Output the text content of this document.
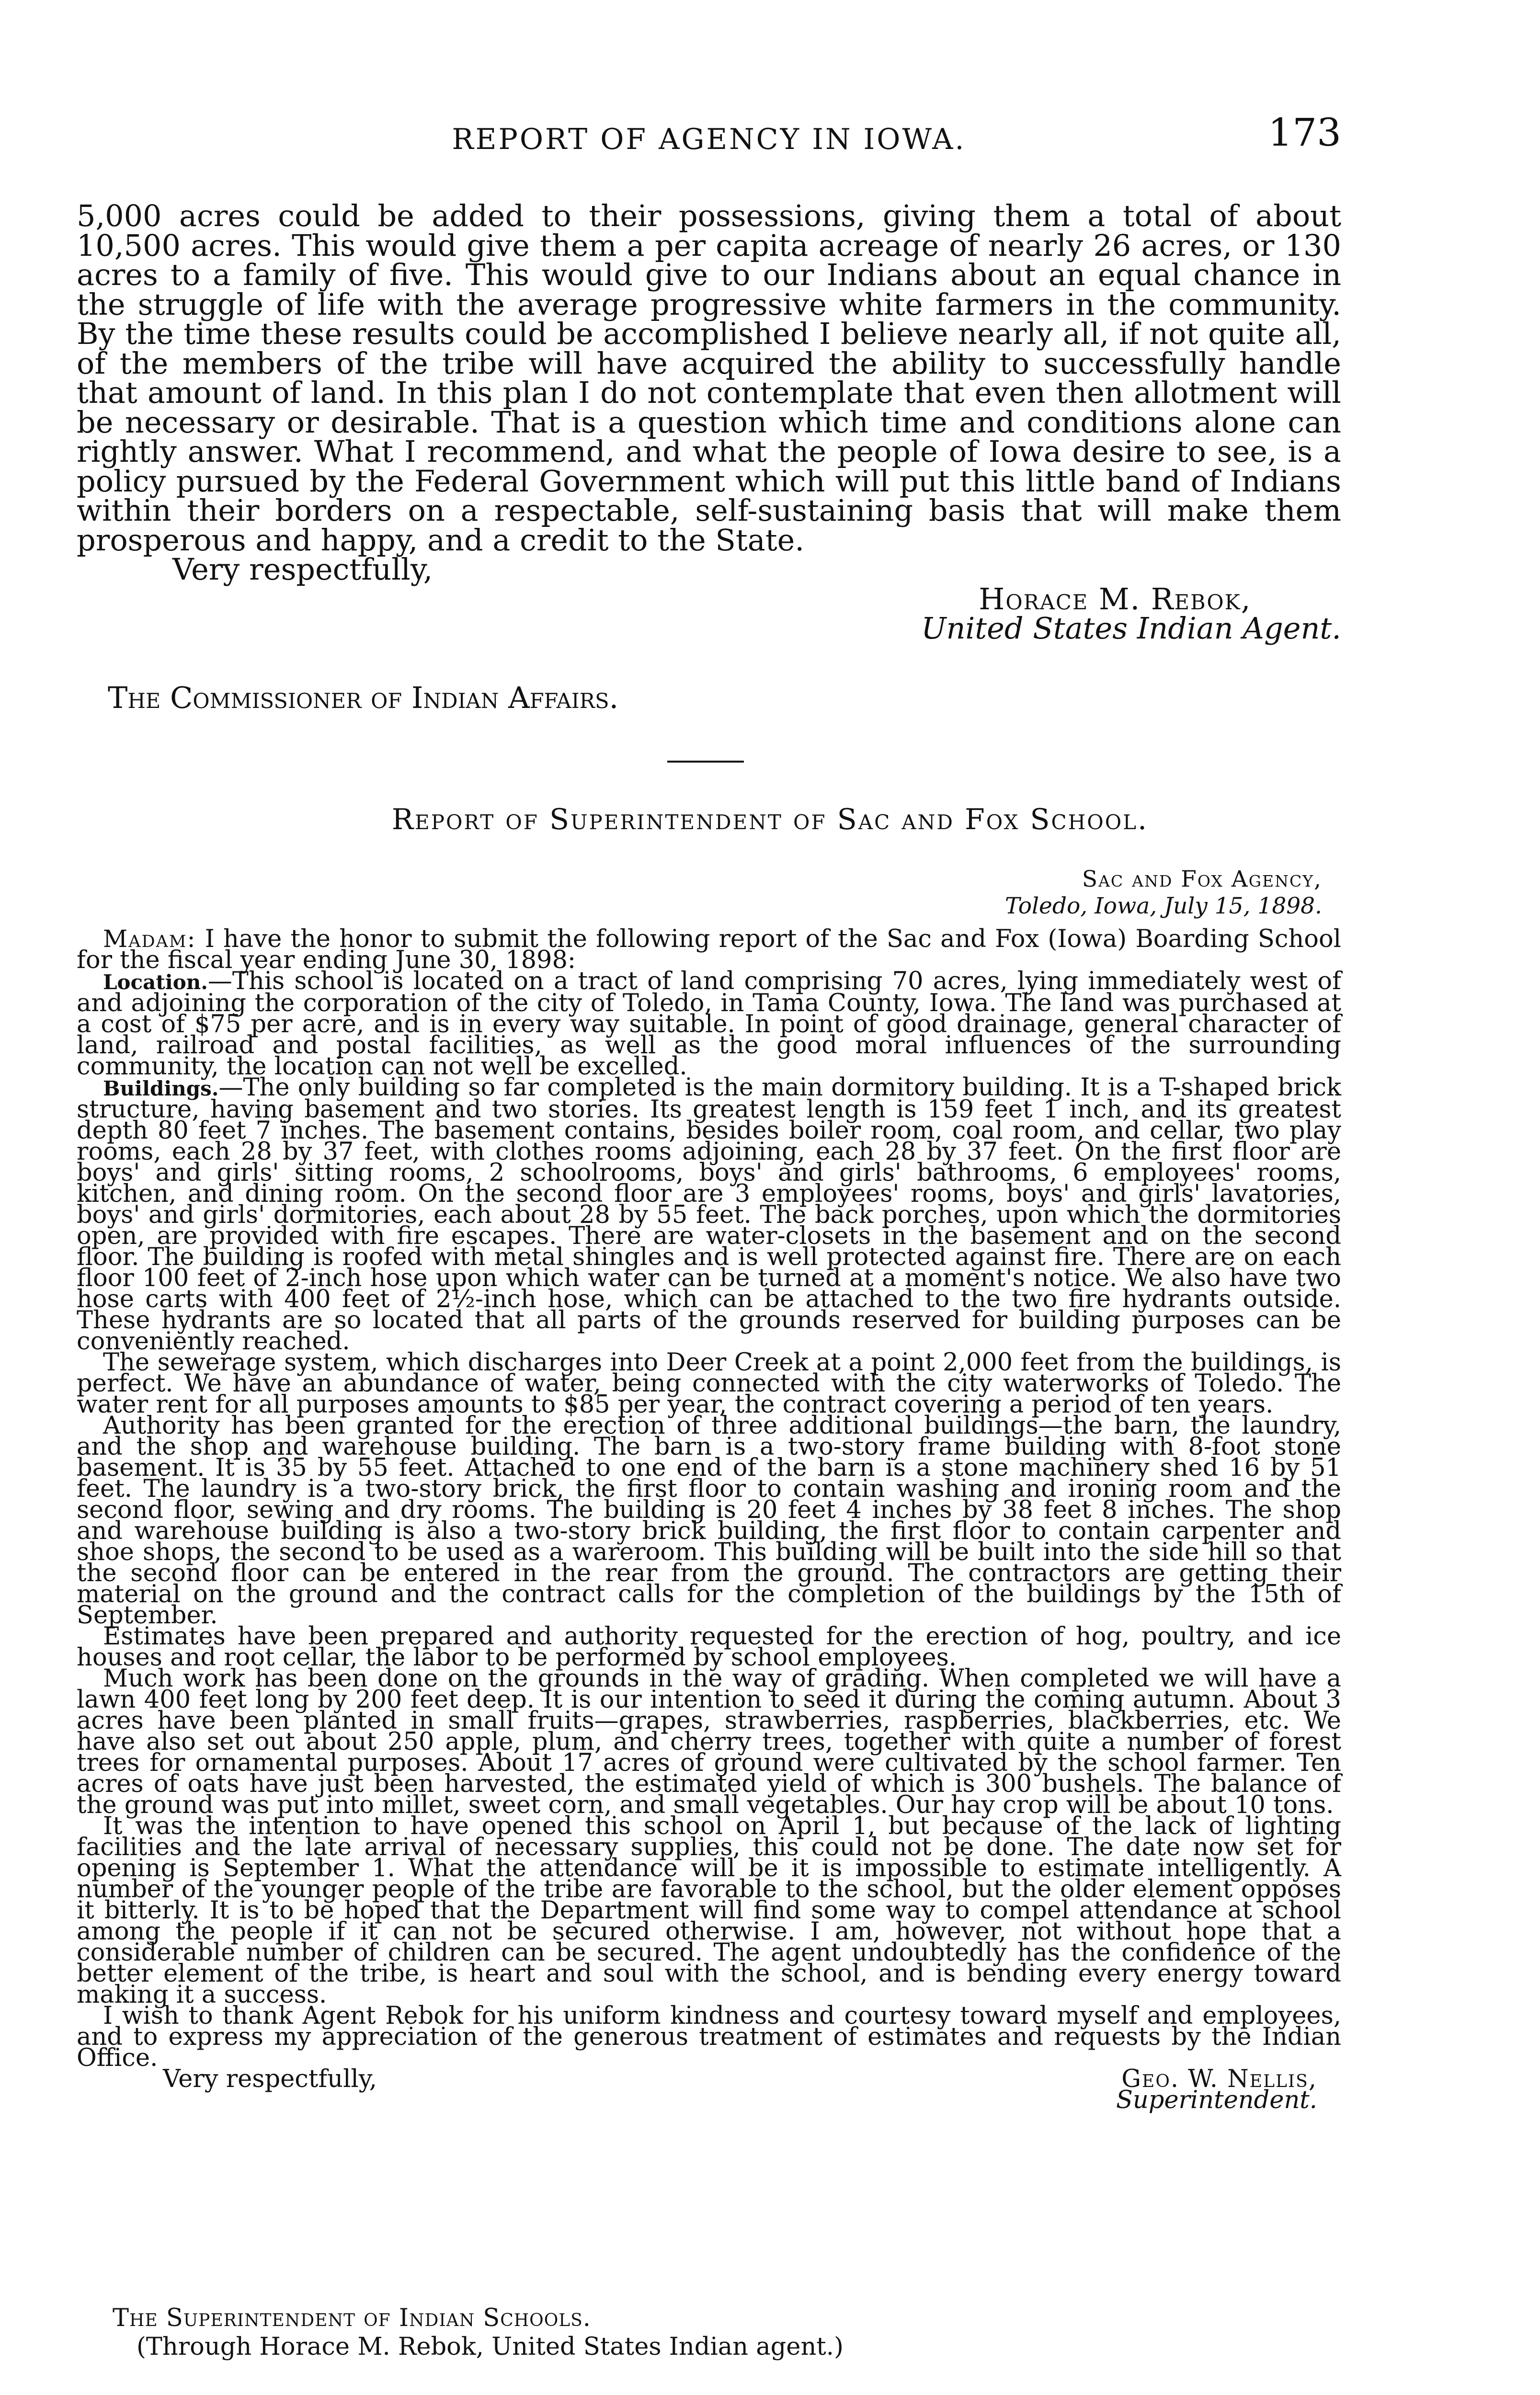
REPORT OF AGENCY IN IOWA.	173

5,000 acres could be added to their possessions, giving them a total of about 10,500 acres. This would give them a per capita acreage of nearly 26 acres, or 130 acres to a family of five. This would give to our Indians about an equal chance in the struggle of life with the average progressive white farmers in the community. By the time these results could be accomplished I believe nearly all, if not quite all, of the members of the tribe will have acquired the ability to successfully handle that amount of land. In this plan I do not contemplate that even then allotment will be necessary or desirable. That is a question which time and conditions alone can rightly answer. What I recommend, and what the people of Iowa desire to see, is a policy pursued by the Federal Government which will put this little band of Indians within their borders on a respectable, self-sustaining basis that will make them prosperous and happy, and a credit to the State.

Very respectfully,

Horace M. Rebok,
United States Indian Agent.
The Commissioner of Indian Affairs.
Report of Superintendent of Sac and Fox School.
Sac and Fox Agency,
Toledo, Iowa, July 15, 1898.

Madam: I have the honor to submit the following report of the Sac and Fox (Iowa) Boarding School for the fiscal year ending June 30, 1898:

Location.—This school is located on a tract of land comprising 70 acres, lying immediately west of and adjoining the corporation of the city of Toledo, in Tama County, Iowa. The land was purchased at a cost of $75 per acre, and is in every way suitable. In point of good drainage, general character of land, railroad and postal facilities, as well as the good moral influences of the surrounding community, the location can not well be excelled.

Buildings.—The only building so far completed is the main dormitory building. It is a T-shaped brick structure, having basement and two stories. Its greatest length is 159 feet 1 inch, and its greatest depth 80 feet 7 inches. The basement contains, besides boiler room, coal room, and cellar, two play rooms, each 28 by 37 feet, with clothes rooms adjoining, each 28 by 37 feet. On the first floor are boys' and girls' sitting rooms, 2 schoolrooms, boys' and girls' bathrooms, 6 employees' rooms, kitchen, and dining room. On the second floor are 3 employees' rooms, boys' and girls' lavatories, boys' and girls' dormitories, each about 28 by 55 feet. The back porches, upon which the dormitories open, are provided with fire escapes. There are water-closets in the basement and on the second floor. The building is roofed with metal shingles and is well protected against fire. There are on each floor 100 feet of 2-inch hose upon which water can be turned at a moment's notice. We also have two hose carts with 400 feet of 2½-inch hose, which can be attached to the two fire hydrants outside. These hydrants are so located that all parts of the grounds reserved for building purposes can be conveniently reached.

The sewerage system, which discharges into Deer Creek at a point 2,000 feet from the buildings, is perfect. We have an abundance of water, being connected with the city waterworks of Toledo. The water rent for all purposes amounts to $85 per year, the contract covering a period of ten years.

Authority has been granted for the erection of three additional buildings—the barn, the laundry, and the shop and warehouse building. The barn is a two-story frame building with 8-foot stone basement. It is 35 by 55 feet. Attached to one end of the barn is a stone machinery shed 16 by 51 feet. The laundry is a two-story brick, the first floor to contain washing and ironing room and the second floor, sewing and dry rooms. The building is 20 feet 4 inches by 38 feet 8 inches. The shop and warehouse building is also a two-story brick building, the first floor to contain carpenter and shoe shops, the second to be used as a wareroom. This building will be built into the side hill so that the second floor can be entered in the rear from the ground. The contractors are getting their material on the ground and the contract calls for the completion of the buildings by the 15th of September.

Estimates have been prepared and authority requested for the erection of hog, poultry, and ice houses and root cellar, the labor to be performed by school employees.

Much work has been done on the grounds in the way of grading. When completed we will have a lawn 400 feet long by 200 feet deep. It is our intention to seed it during the coming autumn. About 3 acres have been planted in small fruits—grapes, strawberries, raspberries, blackberries, etc. We have also set out about 250 apple, plum, and cherry trees, together with quite a number of forest trees for ornamental purposes. About 17 acres of ground were cultivated by the school farmer. Ten acres of oats have just been harvested, the estimated yield of which is 300 bushels. The balance of the ground was put into millet, sweet corn, and small vegetables. Our hay crop will be about 10 tons.

It was the intention to have opened this school on April 1, but because of the lack of lighting facilities and the late arrival of necessary supplies, this could not be done. The date now set for opening is September 1. What the attendance will be it is impossible to estimate intelligently. A number of the younger people of the tribe are favorable to the school, but the older element opposes it bitterly. It is to be hoped that the Department will find some way to compel attendance at school among the people if it can not be secured otherwise. I am, however, not without hope that a considerable number of children can be secured. The agent undoubtedly has the confidence of the better element of the tribe, is heart and soul with the school, and is bending every energy toward making it a success.

I wish to thank Agent Rebok for his uniform kindness and courtesy toward myself and employees, and to express my appreciation of the generous treatment of estimates and requests by the Indian Office.

Very respectfully,	Geo. W. Nellis,
Superintendent.
The Superintendent of Indian Schools.
(Through Horace M. Rebok, United States Indian agent.)
